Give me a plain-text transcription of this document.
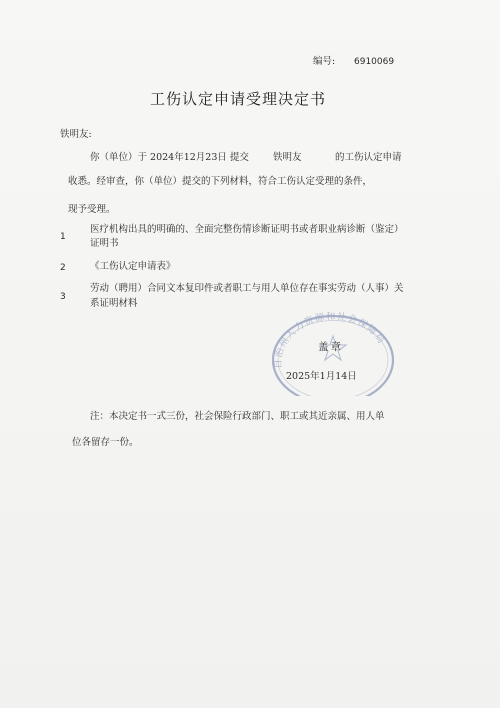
编号: 6910069
工伤认定申请受理决定书
铁明友:
你（单位）于 2024年12月23日 提交	铁明友	的工伤认定申请
收悉。经审查，你（单位）提交的下列材料，符合工伤认定受理的条件，
现予受理。
1
医疗机构出具的明确的、全面完整伤情诊断证明书或者职业病诊断（鉴定）
证明书
2	《工伤认定申请表》
3
劳动（聘用）合同文本复印件或者职工与用人单位存在事实劳动（人事）关
系证明材料
自治州人力资源和社会保障局
盖章
2025年1月14日
注：本决定书一式三份，社会保险行政部门、职工或其近亲属、用人单
位各留存一份。
